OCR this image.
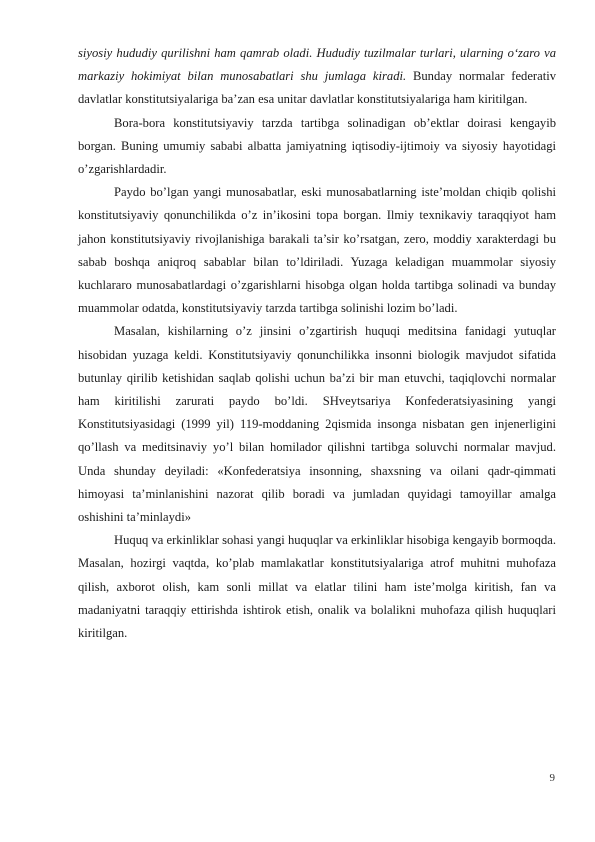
siyosiy hududiy qurilishni ham qamrab oladi. Hududiy tuzilmalar turlari, ularning o‘zaro va markaziy hokimiyat bilan munosabatlari shu jumlaga kiradi. Bunday normalar federativ davlatlar konstitutsiyalariga ba’zan esa unitar davlatlar konstitutsiyalariga ham kiritilgan.

Bora-bora konstitutsiyaviy tarzda tartibga solinadigan ob’ektlar doirasi kengayib borgan. Buning umumiy sababi albatta jamiyatning iqtisodiy-ijtimoiy va siyosiy hayotidagi o’zgarishlardadir.

Paydo bo’lgan yangi munosabatlar, eski munosabatlarning iste’moldan chiqib qolishi konstitutsiyaviy qonunchilikda o’z in’ikosini topa borgan. Ilmiy texnikaviy taraqqiyot ham jahon konstitutsiyaviy rivojlanishiga barakali ta’sir ko’rsatgan, zero, moddiy xarakterdagi bu sabab boshqa aniqroq sabablar bilan to’ldiriladi. Yuzaga keladigan muammolar siyosiy kuchlararo munosabatlardagi o’zgarishlarni hisobga olgan holda tartibga solinadi va bunday muammolar odatda, konstitutsiyaviy tarzda tartibga solinishi lozim bo’ladi.

Masalan, kishilarning o’z jinsini o’zgartirish huquqi meditsina fanidagi yutuqlar hisobidan yuzaga keldi. Konstitutsiyaviy qonunchilikka insonni biologik mavjudot sifatida butunlay qirilib ketishidan saqlab qolishi uchun ba’zi bir man etuvchi, taqiqlovchi normalar ham kiritilishi zarurati paydo bo’ldi. SHveytsariya Konfederatsiyasining yangi Konstitutsiyasidagi (1999 yil) 119-moddaning 2qismida insonga nisbatan gen injenerligini qo’llash va meditsinaviy yo’l bilan homilador qilishni tartibga soluvchi normalar mavjud. Unda shunday deyiladi: «Konfederatsiya insonning, shaxsning va oilani qadr-qimmati himoyasi ta’minlanishini nazorat qilib boradi va jumladan quyidagi tamoyillar amalga oshishini ta’minlaydi»

Huquq va erkinliklar sohasi yangi huquqlar va erkinliklar hisobiga kengayib bormoqda. Masalan, hozirgi vaqtda, ko’plab mamlakatlar konstitutsiyalariga atrof muhitni muhofaza qilish, axborot olish, kam sonli millat va elatlar tilini ham iste’molga kiritish, fan va madaniyatni taraqqiy ettirishda ishtirok etish, onalik va bolalikni muhofaza qilish huquqlari kiritilgan.

9
